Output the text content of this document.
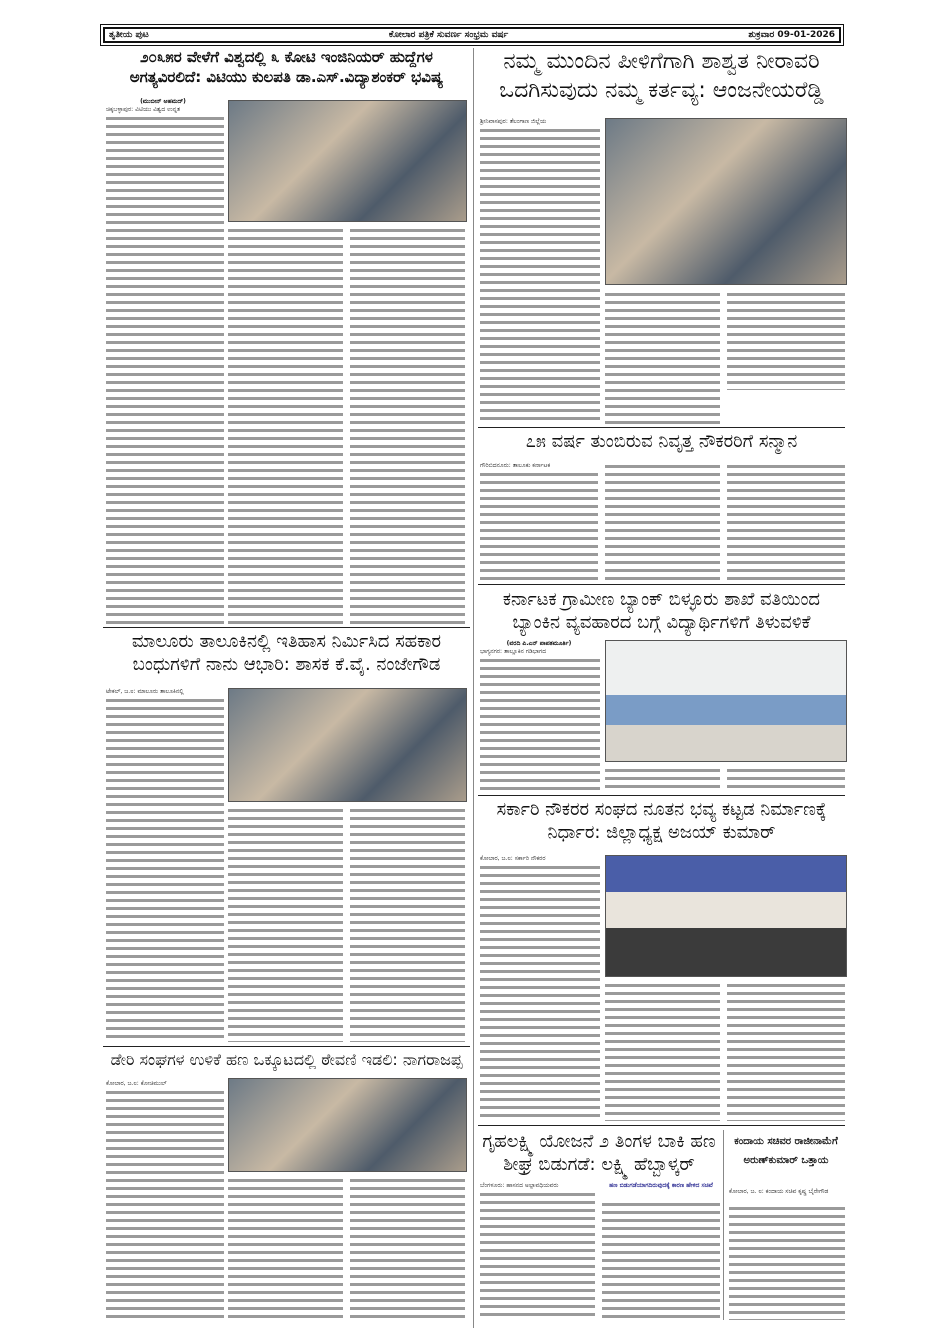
ತೃತೀಯ ಪುಟ	ಕೋಲಾರ ಪತ್ರಿಕೆ ಸುವರ್ಣ ಸಂಭ್ರಮ ವರ್ಷ	ಶುಕ್ರವಾರ 09-01-2026
೨೦೩೫ರ ವೇಳೆಗೆ ವಿಶ್ವದಲ್ಲಿ ೩ ಕೋಟಿ ಇಂಜಿನಿಯರ್ ಹುದ್ದೆಗಳ ಅಗತ್ಯವಿರಲಿದೆ: ವಿಟಿಯು ಕುಲಪತಿ ಡಾ.ಎಸ್.ವಿದ್ಯಾಶಂಕರ್ ಭವಿಷ್ಯ
(ಮುಬೀನ್ ಅಹಮದ್)
ಚಿಕ್ಕಬಳ್ಳಾಪುರ: ವಿಟಿಯು ವಿಶ್ವದ ಉನ್ನತ
ನಮ್ಮ ಮುಂದಿನ ಪೀಳಿಗೆಗಾಗಿ ಶಾಶ್ವತ ನೀರಾವರಿ ಒದಗಿಸುವುದು ನಮ್ಮ ಕರ್ತವ್ಯ: ಆಂಜನೇಯರೆಡ್ಡಿ
ಶ್ರೀನಿವಾಸಪುರ: ತೆಲಂಗಾಣ ಜಿಲ್ಲೆಯ
೭೫ ವರ್ಷ ತುಂಬಿರುವ ನಿವೃತ್ತ ನೌಕರರಿಗೆ ಸನ್ಮಾನ
ಗೌರಿಬಿದನೂರು: ತಾಲೂಕು ಕರ್ನಾಟಕ
ಮಾಲೂರು ತಾಲೂಕಿನಲ್ಲಿ ಇತಿಹಾಸ ನಿರ್ಮಿಸಿದ ಸಹಕಾರ ಬಂಧುಗಳಿಗೆ ನಾನು ಆಭಾರಿ: ಶಾಸಕ ಕೆ.ವೈ. ನಂಜೇಗೌಡ
ಟೇಕಲ್, ಜ.೮: ಮಾಲೂರು ತಾಲೂಕಿನಲ್ಲಿ
ಕರ್ನಾಟಕ ಗ್ರಾಮೀಣ ಬ್ಯಾಂಕ್ ಬಿಳ್ಳೂರು ಶಾಖೆ ವತಿಯಿಂದ ಬ್ಯಾಂಕಿನ ವ್ಯವಹಾರದ ಬಗ್ಗೆ ವಿದ್ಯಾರ್ಥಿಗಳಿಗೆ ತಿಳುವಳಿಕೆ
(ವರದಿ ಪಿ.ಎನ್ ಪಾಪತಮೂರ್ತಿ)
ಭಾಗ್ಯನಗರ: ತಾಲ್ಲೂಕಿನ ಗಡಿಭಾಗದ
ಸರ್ಕಾರಿ ನೌಕರರ ಸಂಘದ ನೂತನ ಭವ್ಯ ಕಟ್ಟಡ ನಿರ್ಮಾಣಕ್ಕೆ ನಿರ್ಧಾರ: ಜಿಲ್ಲಾಧ್ಯಕ್ಷ ಅಜಯ್ ಕುಮಾರ್
ಕೋಲಾರ, ಜ.೮: ಸರ್ಕಾರಿ ನೌಕರರ
ಡೇರಿ ಸಂಘಗಳ ಉಳಿಕೆ ಹಣ ಒಕ್ಕೂಟದಲ್ಲಿ ಠೇವಣಿ ಇಡಲಿ: ನಾಗರಾಜಪ್ಪ
ಕೋಲಾರ, ಜ.೮: ಕೋಚಿಮುಲ್
ಗೃಹಲಕ್ಷ್ಮಿ ಯೋಜನೆ ೨ ತಿಂಗಳ ಬಾಕಿ ಹಣ ಶೀಘ್ರ ಬಿಡುಗಡೆ: ಲಕ್ಷ್ಮಿ ಹೆಬ್ಬಾಳ್ಕರ್
ಬೆಂಗಳೂರು: ಹಾಸನದ ಅಲ್ಪಾವಧಿಯವರು	ಹಣ ಬಿಡುಗಡೆಯಾಗದಿರುವುದಕ್ಕೆ ಕಾರಣ ಹೇಳಿದ ಸಚಿವೆ
ಕಂದಾಯ ಸಚಿವರ ರಾಜೀನಾಮೆಗೆ ಅರುಣ್‌ಕುಮಾರ್ ಒತ್ತಾಯ
ಕೋಲಾರ, ಜ. ೮: ಕಂದಾಯ ಸಚಿವ ಕೃಷ್ಣ ಬೈರೇಗೌಡ
